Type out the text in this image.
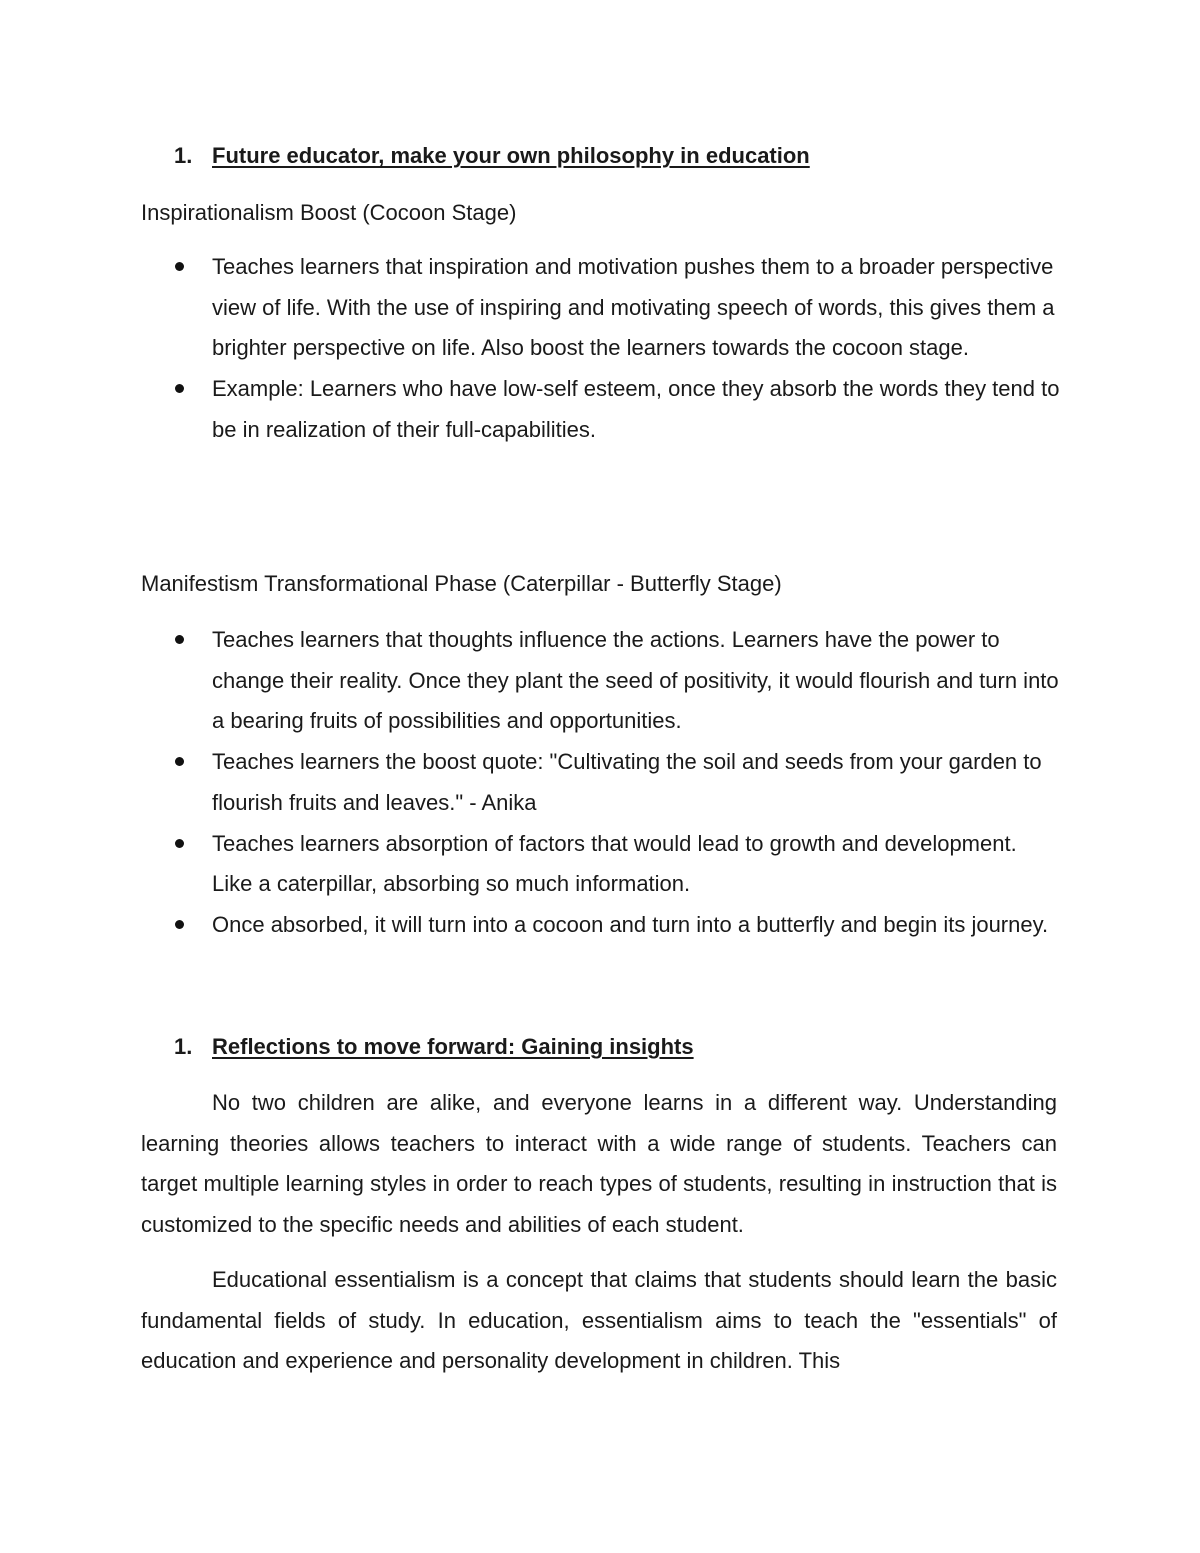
1. Future educator, make your own philosophy in education
Inspirationalism Boost (Cocoon Stage)
Teaches learners that inspiration and motivation pushes them to a broader perspective view of life. With the use of inspiring and motivating speech of words, this gives them a brighter perspective on life. Also boost the learners towards the cocoon stage.
Example: Learners who have low-self esteem, once they absorb the words they tend to be in realization of their full-capabilities.
Manifestism Transformational Phase (Caterpillar - Butterfly Stage)
Teaches learners that thoughts influence the actions. Learners have the power to change their reality. Once they plant the seed of positivity, it would flourish and turn into a bearing fruits of possibilities and opportunities.
Teaches learners the boost quote: "Cultivating the soil and seeds from your garden to flourish fruits and leaves." - Anika
Teaches learners absorption of factors that would lead to growth and development. Like a caterpillar, absorbing so much information.
Once absorbed, it will turn into a cocoon and turn into a butterfly and begin its journey.
1. Reflections to move forward: Gaining insights

No two children are alike, and everyone learns in a different way. Understanding learning theories allows teachers to interact with a wide range of students. Teachers can target multiple learning styles in order to reach types of students, resulting in instruction that is customized to the specific needs and abilities of each student.

Educational essentialism is a concept that claims that students should learn the basic fundamental fields of study. In education, essentialism aims to teach the "essentials" of education and experience and personality development in children. This
